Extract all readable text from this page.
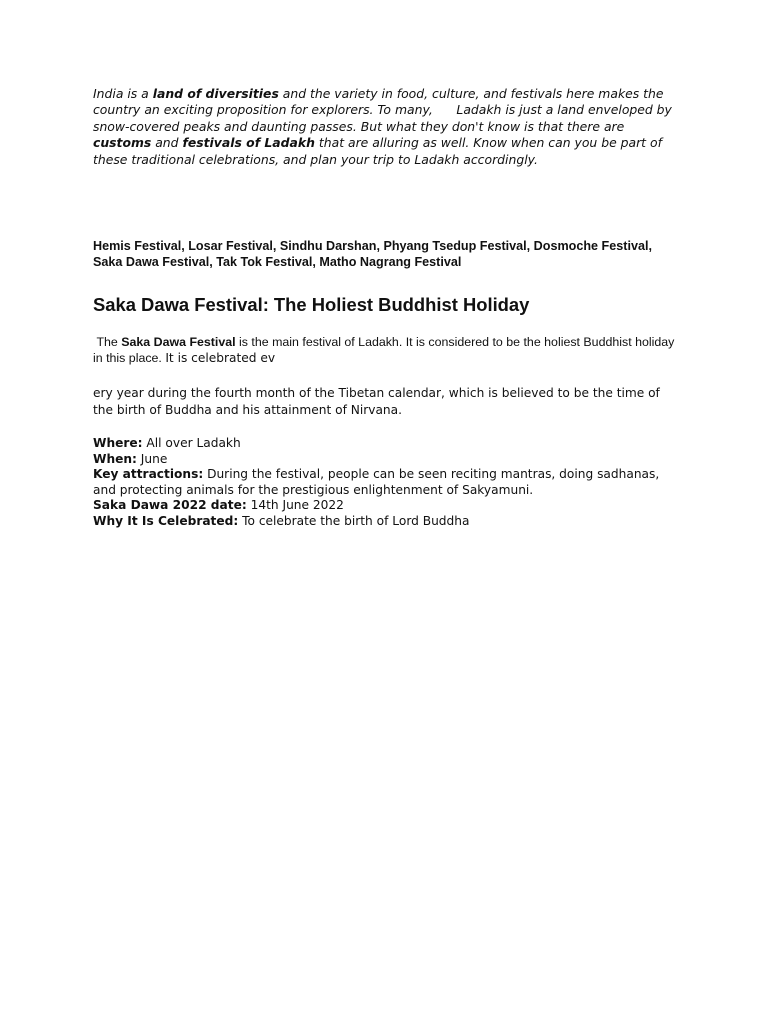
India is a land of diversities and the variety in food, culture, and festivals here makes the country an exciting proposition for explorers. To many,      Ladakh is just a land enveloped by snow-covered peaks and daunting passes. But what they don't know is that there are customs and festivals of Ladakh that are alluring as well. Know when can you be part of these traditional celebrations, and plan your trip to Ladakh accordingly.

Hemis Festival, Losar Festival, Sindhu Darshan, Phyang Tsedup Festival, Dosmoche Festival, Saka Dawa Festival, Tak Tok Festival, Matho Nagrang Festival

Saka Dawa Festival: The Holiest Buddhist Holiday

The Saka Dawa Festival is the main festival of Ladakh. It is considered to be the holiest Buddhist holiday in this place. It is celebrated ev

ery year during the fourth month of the Tibetan calendar, which is believed to be the time of the birth of Buddha and his attainment of Nirvana.

Where: All over Ladakh

When: June

Key attractions: During the festival, people can be seen reciting mantras, doing sadhanas, and protecting animals for the prestigious enlightenment of Sakyamuni.

Saka Dawa 2022 date: 14th June 2022

Why It Is Celebrated: To celebrate the birth of Lord Buddha
